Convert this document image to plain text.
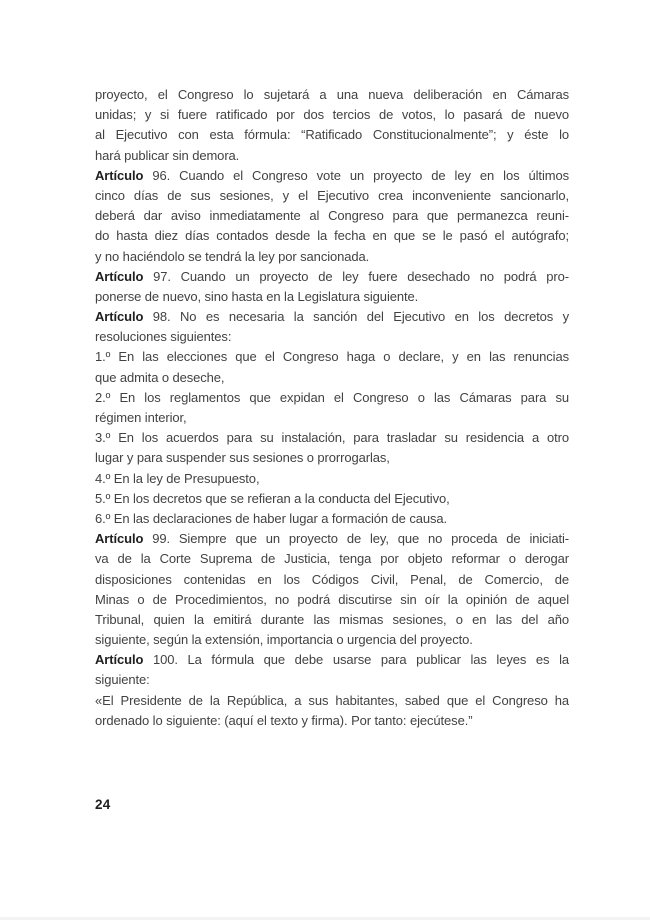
proyecto, el Congreso lo sujetará a una nueva deliberación en Cámaras
unidas; y si fuere ratificado por dos tercios de votos, lo pasará de nuevo
al Ejecutivo con esta fórmula: “Ratificado Constitucionalmente”; y éste lo
hará publicar sin demora.
Artículo 96. Cuando el Congreso vote un proyecto de ley en los últimos
cinco días de sus sesiones, y el Ejecutivo crea inconveniente sancionarlo,
deberá dar aviso inmediatamente al Congreso para que permanezca reuni-
do hasta diez días contados desde la fecha en que se le pasó el autógrafo;
y no haciéndolo se tendrá la ley por sancionada.
Artículo 97. Cuando un proyecto de ley fuere desechado no podrá pro-
ponerse de nuevo, sino hasta en la Legislatura siguiente.
Artículo 98. No es necesaria la sanción del Ejecutivo en los decretos y
resoluciones siguientes:
1.º En las elecciones que el Congreso haga o declare, y en las renuncias
que admita o deseche,
2.º En los reglamentos que expidan el Congreso o las Cámaras para su
régimen interior,
3.º En los acuerdos para su instalación, para trasladar su residencia a otro
lugar y para suspender sus sesiones o prorrogarlas,
4.º En la ley de Presupuesto,
5.º En los decretos que se refieran a la conducta del Ejecutivo,
6.º En las declaraciones de haber lugar a formación de causa.
Artículo 99. Siempre que un proyecto de ley, que no proceda de iniciati-
va de la Corte Suprema de Justicia, tenga por objeto reformar o derogar
disposiciones contenidas en los Códigos Civil, Penal, de Comercio, de
Minas o de Procedimientos, no podrá discutirse sin oír la opinión de aquel
Tribunal, quien la emitirá durante las mismas sesiones, o en las del año
siguiente, según la extensión, importancia o urgencia del proyecto.
Artículo 100. La fórmula que debe usarse para publicar las leyes es la
siguiente:
«El Presidente de la República, a sus habitantes, sabed que el Congreso ha
ordenado lo siguiente: (aquí el texto y firma). Por tanto: ejecútese.”
24
